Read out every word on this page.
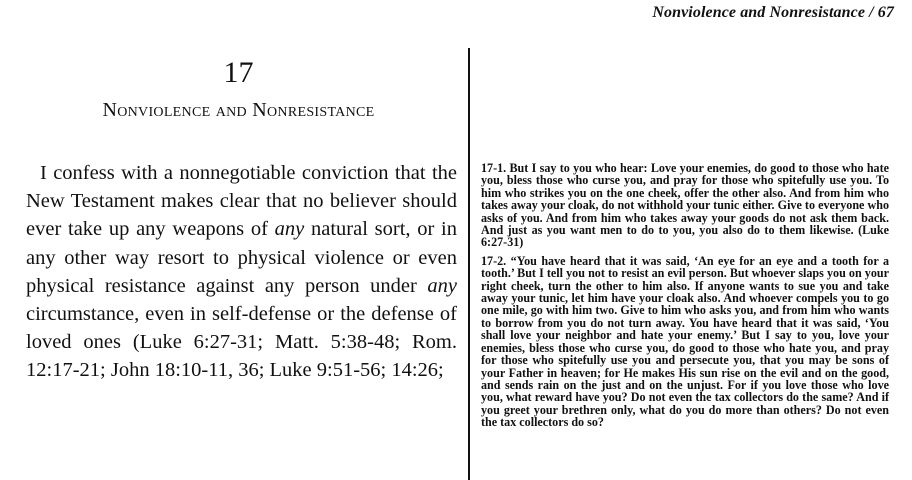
Nonviolence and Nonresistance / 67
17
Nonviolence and Nonresistance

I confess with a nonnegotiable conviction that the New Testament makes clear that no believer should ever take up any weapons of any natural sort, or in any other way resort to physical violence or even physical resistance against any person under any circumstance, even in self-defense or the defense of loved ones (Luke 6:27-31; Matt. 5:38-48; Rom. 12:17-21; John 18:10-11, 36; Luke 9:51-56; 14:26;

17-1. But I say to you who hear: Love your enemies, do good to those who hate you, bless those who curse you, and pray for those who spitefully use you. To him who strikes you on the one cheek, offer the other also. And from him who takes away your cloak, do not withhold your tunic either. Give to everyone who asks of you. And from him who takes away your goods do not ask them back. And just as you want men to do to you, you also do to them likewise. (Luke 6:27-31)

17-2. “You have heard that it was said, ‘An eye for an eye and a tooth for a tooth.’ But I tell you not to resist an evil person. But whoever slaps you on your right cheek, turn the other to him also. If anyone wants to sue you and take away your tunic, let him have your cloak also. And whoever compels you to go one mile, go with him two. Give to him who asks you, and from him who wants to borrow from you do not turn away. You have heard that it was said, ‘You shall love your neighbor and hate your enemy.’ But I say to you, love your enemies, bless those who curse you, do good to those who hate you, and pray for those who spitefully use you and persecute you, that you may be sons of your Father in heaven; for He makes His sun rise on the evil and on the good, and sends rain on the just and on the unjust. For if you love those who love you, what reward have you? Do not even the tax collectors do the same? And if you greet your brethren only, what do you do more than others? Do not even the tax collectors do so?
